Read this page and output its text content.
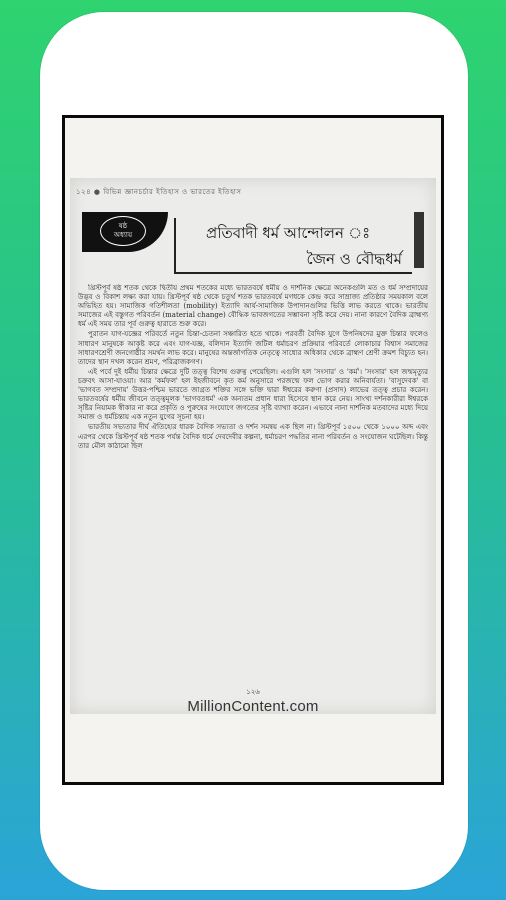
১২৪ ● বিভিন্ন জ্ঞানচর্চার ইতিহাস ও ভারতের ইতিহাস
ষষ্ঠ
অধ্যায়	প্রতিবাদী ধর্ম আন্দোলন ঃ
জৈন ও বৌদ্ধধর্ম

খ্রিস্টপূর্ব ষষ্ঠ শতক থেকে দ্বিতীয় প্রথম শতকের মধ্যে ভারতবর্ষে ধর্মীয় ও দার্শনিক ক্ষেত্রে অনেকগুলি মত ও ধর্ম সম্প্রদায়ের উদ্ভব ও বিকাশ লক্ষ্য করা যায়। খ্রিস্টপূর্ব ষষ্ঠ থেকে চতুর্থ শতক ভারতবর্ষে মগধকে কেন্দ্র করে সাম্রাজ্য প্রতিষ্ঠার সময়কাল বলে অভিহিত হয়। সামাজিক গতিশীলতা (mobility) ইত্যাদি আর্য-সামাজিক উপাদানগুলির ভিত্তি লাভ করতে থাকে। ভারতীয় সমাজের এই বস্তুগত পরিবর্তন (material change) বৌদ্ধিক ভাবজগতের সম্ভাবনা সৃষ্টি করে দেয়। নানা কারণে বৈদিক ব্রাহ্মণ্য ধর্ম এই সময় তার পূর্ব গুরুত্ব হারাতে শুরু করে।

পুরাতন যাগ-যজ্ঞের পরিবর্তে নতুন চিন্তা-চেতনা সঞ্চারিত হতে থাকে। পরবর্তী বৈদিক যুগে উপনিষদের মুক্ত চিন্তার ফলেও সাধারণ মানুষকে আকৃষ্ট করে এবং যাগ-যজ্ঞ, বলিদান ইত্যাদি জটিল ধর্মাচরণ প্রক্রিয়ার পরিবর্তে লোকাচার বিশ্বাস সমাজের সাধারণশ্রেণী জনগোষ্ঠীর সমর্থন লাভ করে। মানুষের অন্তর্জাগতিক নেতৃত্বে সাধ্যের অধিকার থেকে ব্রাহ্মণ শ্রেণী ক্রমশ বিচ্যুত হন। তাদের স্থান দখল করেন শ্রমণ, পরিব্রাজকগণ।

এই পর্বে দুই ধর্মীয় চিন্তার ক্ষেত্রে দুটি তত্ত্ব বিশেষ গুরুত্ব পেয়েছিল। এগুলি হল 'সংসার' ও 'কর্ম'। 'সংসার' হল জন্মমৃত্যুর চক্রবৎ আসা-যাওয়া। আর 'কর্মফল' হল ইহজীবনে কৃত কর্ম অনুসারে পরজন্মে ফল ভোগ করার অনিবার্যতা। 'বাসুদেবক' বা 'ভাগবত সম্প্রদায়' উত্তর-পশ্চিম ভারতে জাগ্রত শক্তির সঙ্গে ভক্তি দ্বারা ঈশ্বরের করুণা (প্রসাদ) লাভের তত্ত্ব প্রচার করেন। ভারতবর্ষের ধর্মীয় জীবনে তত্ত্বমূলক 'ভাগবতধর্ম' এক অন্যতম প্রধান ধারা হিসেবে স্থান করে নেয়। সাংখ্য দর্শনকারীরা ঈশ্বরকে সৃষ্টির নিয়ামক স্বীকার না করে প্রকৃতি ও পুরুষের সংযোগে জগতের সৃষ্টি ব্যাখ্যা করেন। এভাবে নানা দার্শনিক মতবাদের মধ্যে দিয়ে সমাজ ও ধর্মচিন্তায় এক নতুন যুগের সূচনা হয়।

ভারতীয় সভ্যতার দীর্ঘ ঐতিহ্যের ধারক বৈদিক সভ্যতা ও দর্শন সমন্বয় এক ছিল না। খ্রিস্টপূর্ব ১৫০০ থেকে ১০০০ অব্দ এবং এরপর থেকে খ্রিস্টপূর্ব ষষ্ঠ শতক পর্যন্ত বৈদিক ধর্মে দেবদেবীর কল্পনা, ধর্মাচরণ পদ্ধতির নানা পরিবর্তন ও সংযোজন ঘটেছিল। কিন্তু তার মৌল কাঠামো ছিল

১২৬
MillionContent.com
